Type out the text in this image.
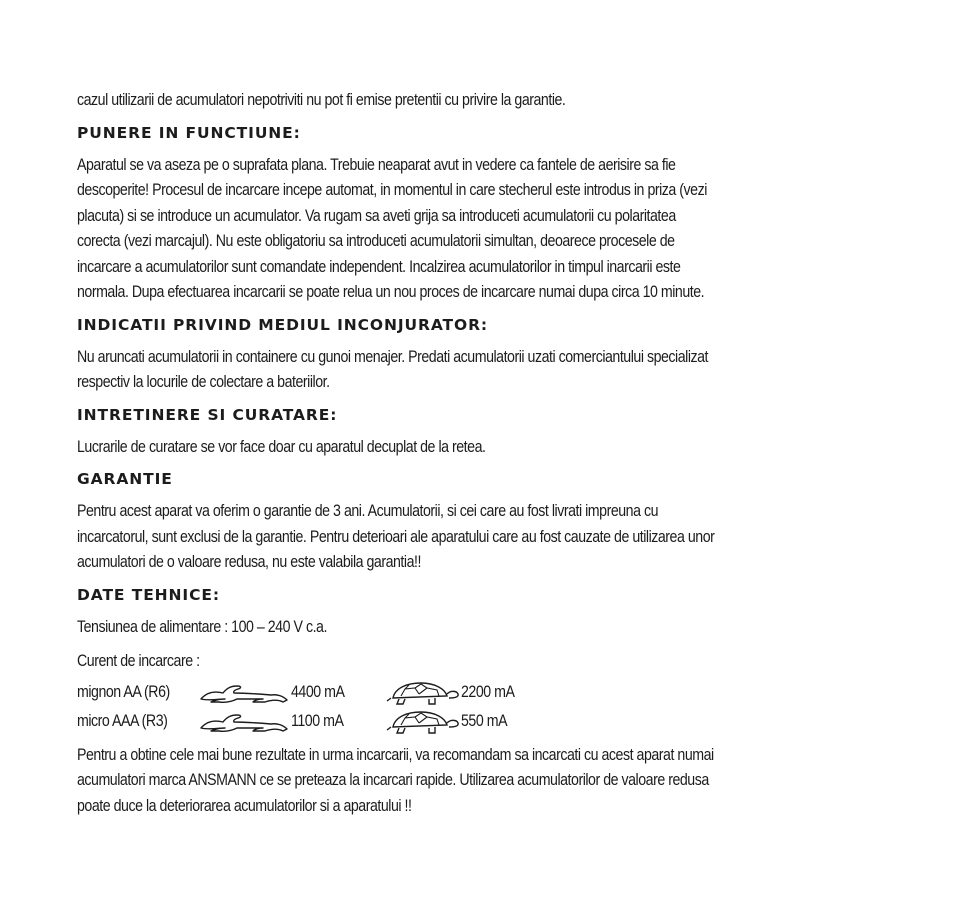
cazul utilizarii de acumulatori nepotriviti nu pot fi emise pretentii cu privire la garantie.

PUNERE IN FUNCTIUNE:

Aparatul se va aseza pe o suprafata plana. Trebuie neaparat avut in vedere ca fantele de aerisire sa fie

descoperite! Procesul de incarcare incepe automat, in momentul in care stecherul este introdus in priza (vezi

placuta) si se introduce un acumulator. Va rugam sa aveti grija sa introduceti acumulatorii cu polaritatea

corecta (vezi marcajul). Nu este obligatoriu sa introduceti acumulatorii simultan, deoarece procesele de

incarcare a acumulatorilor sunt comandate independent. Incalzirea acumulatorilor in timpul inarcarii este

normala. Dupa efectuarea incarcarii se poate relua un nou proces de incarcare numai dupa circa 10 minute.

INDICATII PRIVIND MEDIUL INCONJURATOR:

Nu aruncati acumulatorii in containere cu gunoi menajer. Predati acumulatorii uzati comerciantului specializat

respectiv la locurile de colectare a bateriilor.

INTRETINERE SI CURATARE:

Lucrarile de curatare se vor face doar cu aparatul decuplat de la retea.

GARANTIE

Pentru acest aparat va oferim o garantie de 3 ani. Acumulatorii, si cei care au fost livrati impreuna cu

incarcatorul, sunt exclusi de la garantie. Pentru deterioari ale aparatului care au fost cauzate de utilizarea unor

acumulatori de o valoare redusa, nu este valabila garantia!!

DATE TEHNICE:

Tensiunea de alimentare : 100 – 240 V c.a.

Curent de incarcare :

mignon AA (R6)	4400 mA	2200 mA
micro AAA (R3)	1100 mA	550 mA

Pentru a obtine cele mai bune rezultate in urma incarcarii, va recomandam sa incarcati cu acest aparat numai

acumulatori marca ANSMANN ce se preteaza la incarcari rapide. Utilizarea acumulatorilor de valoare redusa

poate duce la deteriorarea acumulatorilor si a aparatului !!
